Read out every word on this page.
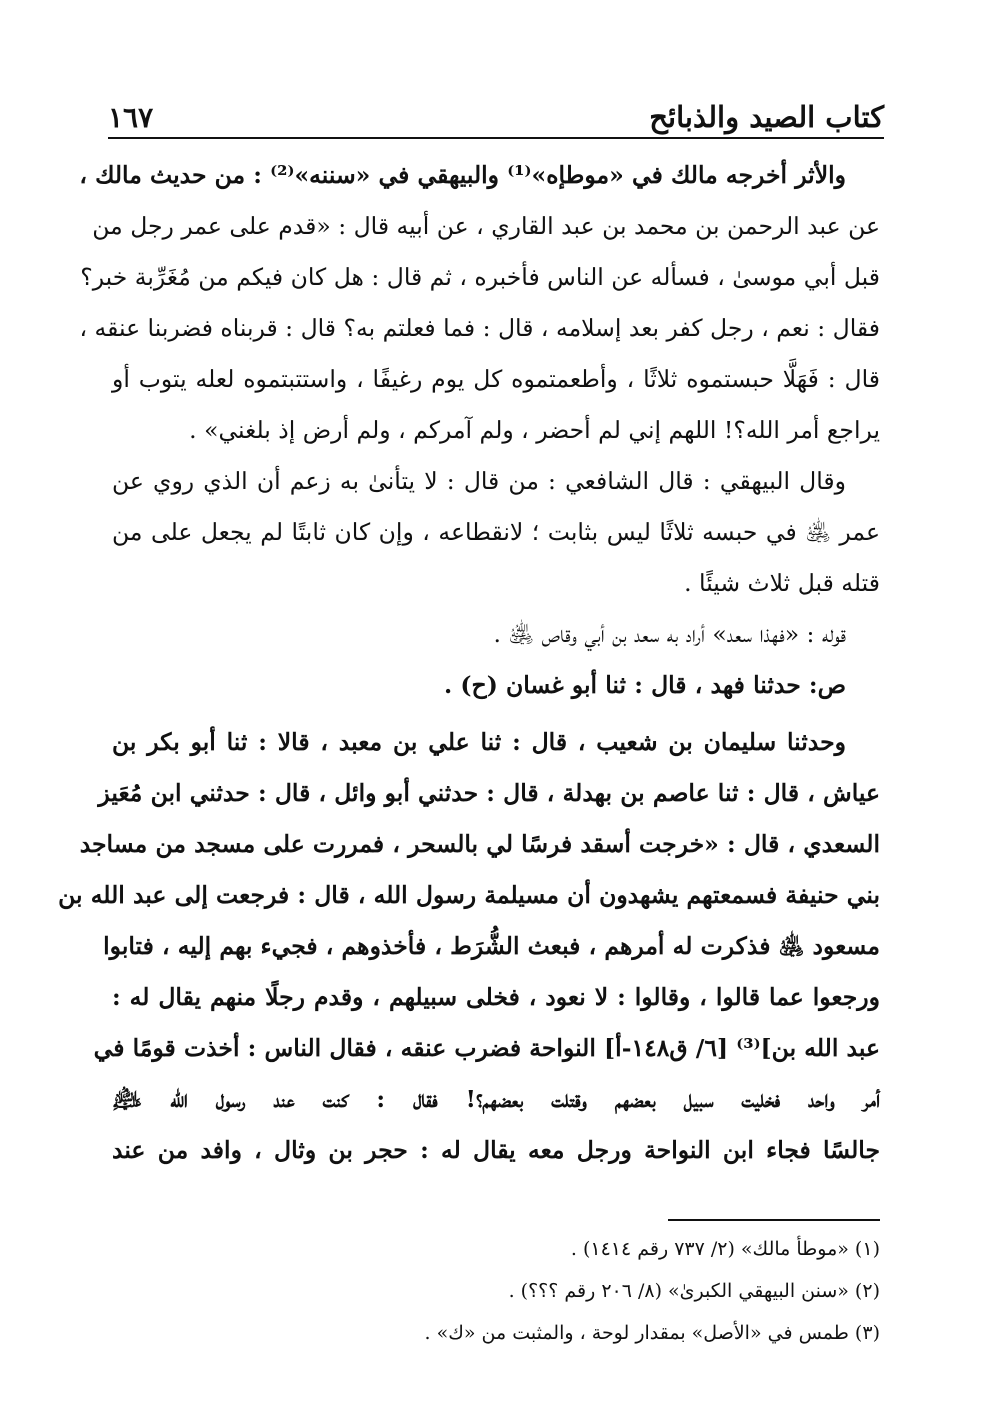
كتاب الصيد والذبائح
١٦٧
والأثر أخرجه مالك في «موطإه»⁽¹⁾ والبيهقي في «سننه»⁽²⁾ : من حديث مالك ،
عن عبد الرحمن بن محمد بن عبد القاري ، عن أبيه قال : «قدم على عمر رجل من
قبل أبي موسىٰ ، فسأله عن الناس فأخبره ، ثم قال : هل كان فيكم من مُغَرِّبة خبر؟
فقال : نعم ، رجل كفر بعد إسلامه ، قال : فما فعلتم به؟ قال : قربناه فضربنا عنقه ،
قال : فَهَلَّا حبستموه ثلاثًا ، وأطعمتموه كل يوم رغيفًا ، واستتبتموه لعله يتوب أو
يراجع أمر الله؟! اللهم إني لم أحضر ، ولم آمركم ، ولم أرض إذ بلغني» .
وقال البيهقي : قال الشافعي : من قال : لا يتأنىٰ به زعم أن الذي روي عن
عمر ﵁ في حبسه ثلاثًا ليس بثابت ؛ لانقطاعه ، وإن كان ثابتًا لم يجعل على من
قتله قبل ثلاث شيئًا .
قوله : «فهذا سعد» أراد به سعد بن أبي وقاص ﵁ .
ص: حدثنا فهد ، قال : ثنا أبو غسان (ح) .
وحدثنا سليمان بن شعيب ، قال : ثنا علي بن معبد ، قالا : ثنا أبو بكر بن
عياش ، قال : ثنا عاصم بن بهدلة ، قال : حدثني أبو وائل ، قال : حدثني ابن مُعَيز
السعدي ، قال : «خرجت أسقد فرسًا لي بالسحر ، فمررت على مسجد من مساجد
بني حنيفة فسمعتهم يشهدون أن مسيلمة رسول الله ، قال : فرجعت إلى عبد الله بن
مسعود ﵁ فذكرت له أمرهم ، فبعث الشُّرَط ، فأخذوهم ، فجيء بهم إليه ، فتابوا
ورجعوا عما قالوا ، وقالوا : لا نعود ، فخلى سبيلهم ، وقدم رجلًا منهم يقال له :
عبد الله بن]⁽³⁾ [٦/ ق١٤٨-أ] النواحة فضرب عنقه ، فقال الناس : أخذت قومًا في
أمر واحد فخليت سبيل بعضهم وقتلت بعضهم؟! فقال : كنت عند رسول الله ﵇
جالسًا فجاء ابن النواحة ورجل معه يقال له : حجر بن وثال ، وافد من عند
(١) «موطأ مالك» (٢/ ٧٣٧ رقم ١٤١٤) .
(٢) «سنن البيهقي الكبرىٰ» (٨/ ٢٠٦ رقم ؟؟؟) .
(٣) طمس في «الأصل» بمقدار لوحة ، والمثبت من «ك» .
